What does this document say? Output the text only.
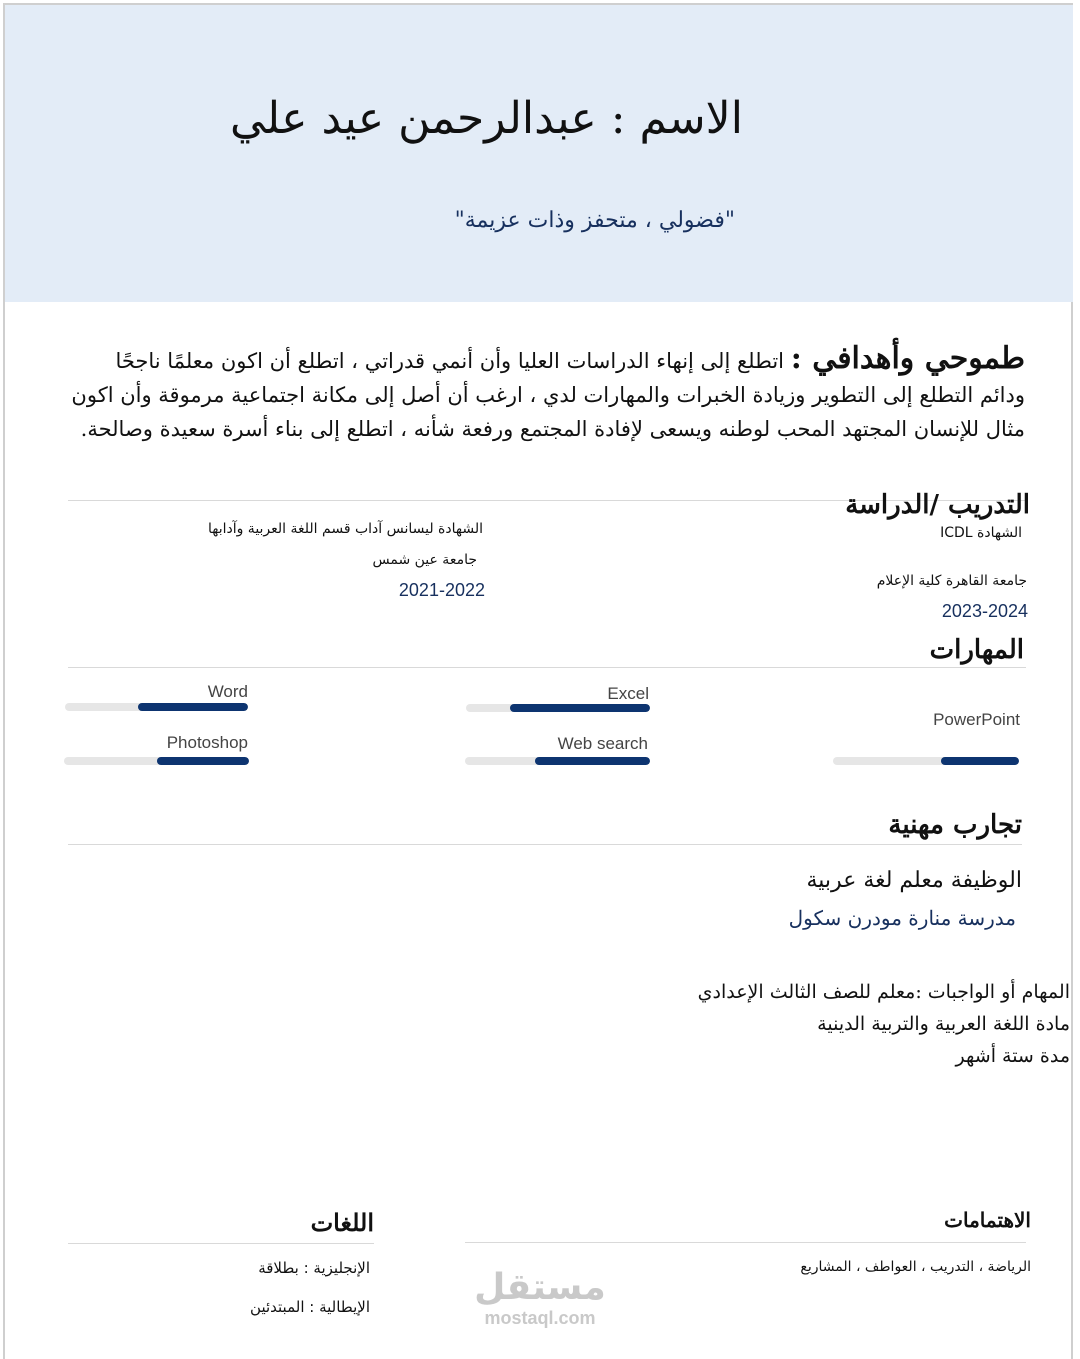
الاسم : عبدالرحمن عيد علي
"فضولي ، متحفز وذات عزيمة"
طموحي وأهدافي : اتطلع إلى إنهاء الدراسات العليا وأن أنمي قدراتي ، اتطلع أن اكون معلمًا ناجحًا ودائم التطلع إلى التطوير وزيادة الخبرات والمهارات لدي ، ارغب أن أصل إلى مكانة اجتماعية مرموقة وأن اكون مثال للإنسان المجتهد المحب لوطنه ويسعى لإفادة المجتمع ورفعة شأنه ، اتطلع إلى بناء أسرة سعيدة وصالحة.
التدريب /الدراسة
الشهادة ICDL
جامعة القاهرة كلية الإعلام
2023-2024
الشهادة ليسانس آداب قسم اللغة العربية وآدابها
جامعة عين شمس
2021-2022
المهارات
Word	Excel
PowerPoint
Photoshop	Web search
تجارب مهنية
الوظيفة معلم لغة عربية
مدرسة منارة مودرن سكول
المهام أو الواجبات :معلم للصف الثالث الإعدادي
مادة اللغة العربية والتربية الدينية
مدة ستة أشهر
الاهتمامات
الرياضة ، التدريب ، العواطف ، المشاريع
اللغات
الإنجليزية : بطلاقة
الإيطالية : المبتدئين	مستقل
mostaql.com
